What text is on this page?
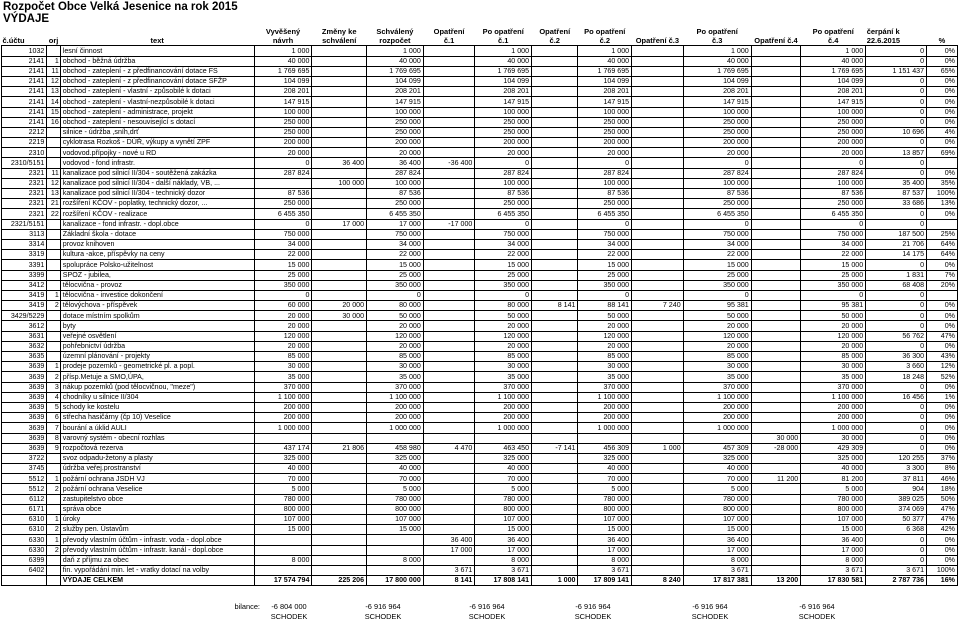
Rozpočet Obce Velká Jesenice na rok 2015
VÝDAJE
			Vyvěšený	Změny ke	Schválený	Opatření	Po opatření	Opatření	Po opatření		Po opatření		Po opatření	čerpání k	
č.účtu	orj	text	návrh	schválení	rozpočet	č.1	č.1	č.2	č.2	Opatření č.3	č.3	Opatření č.4	č.4	22.6.2015	%
1032		lesní činnost	1 000		1 000		1 000		1 000		1 000		1 000	0	0%
2141	1	obchod - běžná údržba	40 000		40 000		40 000		40 000		40 000		40 000	0	0%
2141	11	obchod - zateplení - z předfinancování dotace FS	1 769 695		1 769 695		1 769 695		1 769 695		1 769 695		1 769 695	1 151 437	65%
2141	12	obchod - zateplení - z předfinancování dotace SFŽP	104 099		104 099		104 099		104 099		104 099		104 099	0	0%
2141	13	obchod - zateplení - vlastní - způsobilé k dotaci	208 201		208 201		208 201		208 201		208 201		208 201	0	0%
2141	14	obchod - zateplení - vlastní-nezpůsobilé k dotaci	147 915		147 915		147 915		147 915		147 915		147 915	0	0%
2141	15	obchod - zateplení - administrace, projekt	100 000		100 000		100 000		100 000		100 000		100 000	0	0%
2141	16	obchod - zateplení - nesouvisející s dotací	250 000		250 000		250 000		250 000		250 000		250 000	0	0%
2212		silnice - údržba ,sníh,drť	250 000		250 000		250 000		250 000		250 000		250 000	10 696	4%
2219		cyklotrasa Rozkoš - DÚŘ, výkupy a vynětí ZPF	200 000		200 000		200 000		200 000		200 000		200 000	0	0%
2310		vodovod.přípojky - nové u RD	20 000		20 000		20 000		20 000		20 000		20 000	13 857	69%
2310/5151		vodovod - fond infrastr.	0	36 400	36 400	-36 400	0		0		0		0	0	
2321	11	kanalizace pod silnicí II/304 - soutěžená zakázka	287 824		287 824		287 824		287 824		287 824		287 824	0	0%
2321	12	kanalizace pod silnicí II/304 - další náklady, VB, ...		100 000	100 000		100 000		100 000		100 000		100 000	35 400	35%
2321	13	kanalizace pod silnicí II/304 - technický dozor	87 536		87 536		87 536		87 536		87 536		87 536	87 537	100%
2321	21	rozšíření KČOV - poplatky, technický dozor, ...	250 000		250 000		250 000		250 000		250 000		250 000	33 686	13%
2321	22	rozšíření KČOV - realizace	6 455 350		6 455 350		6 455 350		6 455 350		6 455 350		6 455 350	0	0%
2321/5151		kanalizace - fond infrastr. - dopl.obce	0	17 000	17 000	-17 000	0		0		0		0	0	
3113		Základní škola - dotace	750 000		750 000		750 000		750 000		750 000		750 000	187 500	25%
3314		provoz knihoven	34 000		34 000		34 000		34 000		34 000		34 000	21 706	64%
3319		kultura -akce, příspěvky na ceny	22 000		22 000		22 000		22 000		22 000		22 000	14 175	64%
3391		spolupráce Polsko-užitelnost	15 000		15 000		15 000		15 000		15 000		15 000	0	0%
3399		SPOZ - jubilea,	25 000		25 000		25 000		25 000		25 000		25 000	1 831	7%
3412		tělocvična - provoz	350 000		350 000		350 000		350 000		350 000		350 000	68 408	20%
3419	1	tělocvična - investice dokončení	0		0		0		0		0		0	0	
3419	2	tělovýchova - příspěvek	60 000	20 000	80 000		80 000	8 141	88 141	7 240	95 381		95 381	0	0%
3429/5229		dotace místním spolkům	20 000	30 000	50 000		50 000		50 000		50 000		50 000	0	0%
3612		byty	20 000		20 000		20 000		20 000		20 000		20 000	0	0%
3631		veřejné osvětlení	120 000		120 000		120 000		120 000		120 000		120 000	56 762	47%
3632		pohřebnictví údržba	20 000		20 000		20 000		20 000		20 000		20 000	0	0%
3635		územní plánování - projekty	85 000		85 000		85 000		85 000		85 000		85 000	36 300	43%
3639	1	prodeje pozemků - geometrické pl. a popl.	30 000		30 000		30 000		30 000		30 000		30 000	3 660	12%
3639	2	přísp.Metuje a SMO,ÚPA,	35 000		35 000		35 000		35 000		35 000		35 000	18 248	52%
3639	3	nákup pozemků (pod tělocvičnou, "meze")	370 000		370 000		370 000		370 000		370 000		370 000	0	0%
3639	4	chodníky u silnice II/304	1 100 000		1 100 000		1 100 000		1 100 000		1 100 000		1 100 000	16 456	1%
3639	5	schody ke kostelu	200 000		200 000		200 000		200 000		200 000		200 000	0	0%
3639	6	střecha hasičárny (čp 10) Veselice	200 000		200 000		200 000		200 000		200 000		200 000	0	0%
3639	7	bourání a úklid AULI	1 000 000		1 000 000		1 000 000		1 000 000		1 000 000		1 000 000	0	0%
3639	8	varovný systém - obecní rozhlas										30 000	30 000	0	0%
3639	9	rozpočtová rezerva	437 174	21 806	458 980	4 470	463 450	-7 141	456 309	1 000	457 309	-28 000	429 309	0	0%
3722		svoz odpadu-žetony a plasty	325 000		325 000		325 000		325 000		325 000		325 000	120 255	37%
3745		údržba veřej.prostranství	40 000		40 000		40 000		40 000		40 000		40 000	3 300	8%
5512	1	požární ochrana JSDH VJ	70 000		70 000		70 000		70 000		70 000	11 200	81 200	37 811	46%
5512	2	požární ochrana Veselice	5 000		5 000		5 000		5 000		5 000		5 000	904	18%
6112		zastupitelstvo obce	780 000		780 000		780 000		780 000		780 000		780 000	389 025	50%
6171		správa obce	800 000		800 000		800 000		800 000		800 000		800 000	374 069	47%
6310	1	úroky	107 000		107 000		107 000		107 000		107 000		107 000	50 377	47%
6310	2	služby pen. Ústavům	15 000		15 000		15 000		15 000		15 000		15 000	6 368	42%
6330	1	převody vlastním účtům - infrastr. voda - dopl.obce				36 400	36 400		36 400		36 400		36 400	0	0%
6330	2	převody vlastním účtům - infrastr. kanál - dopl.obce				17 000	17 000		17 000		17 000		17 000	0	0%
6399		daň z příjmu za obec	8 000		8 000		8 000		8 000		8 000		8 000	0	0%
6402		fin. vypořádání min. let - vratky dotací na volby				3 671	3 671		3 671		3 671		3 671	3 671	100%
		VÝDAJE CELKEM	17 574 794	225 206	17 800 000	8 141	17 808 141	1 000	17 809 141	8 240	17 817 381	13 200	17 830 581	2 787 736	16%
bilance:	-6 804 000
SCHODEK
-6 916 964
SCHODEK
-6 916 964
SCHODEK
-6 916 964
SCHODEK
-6 916 964
SCHODEK
-6 916 964
SCHODEK
